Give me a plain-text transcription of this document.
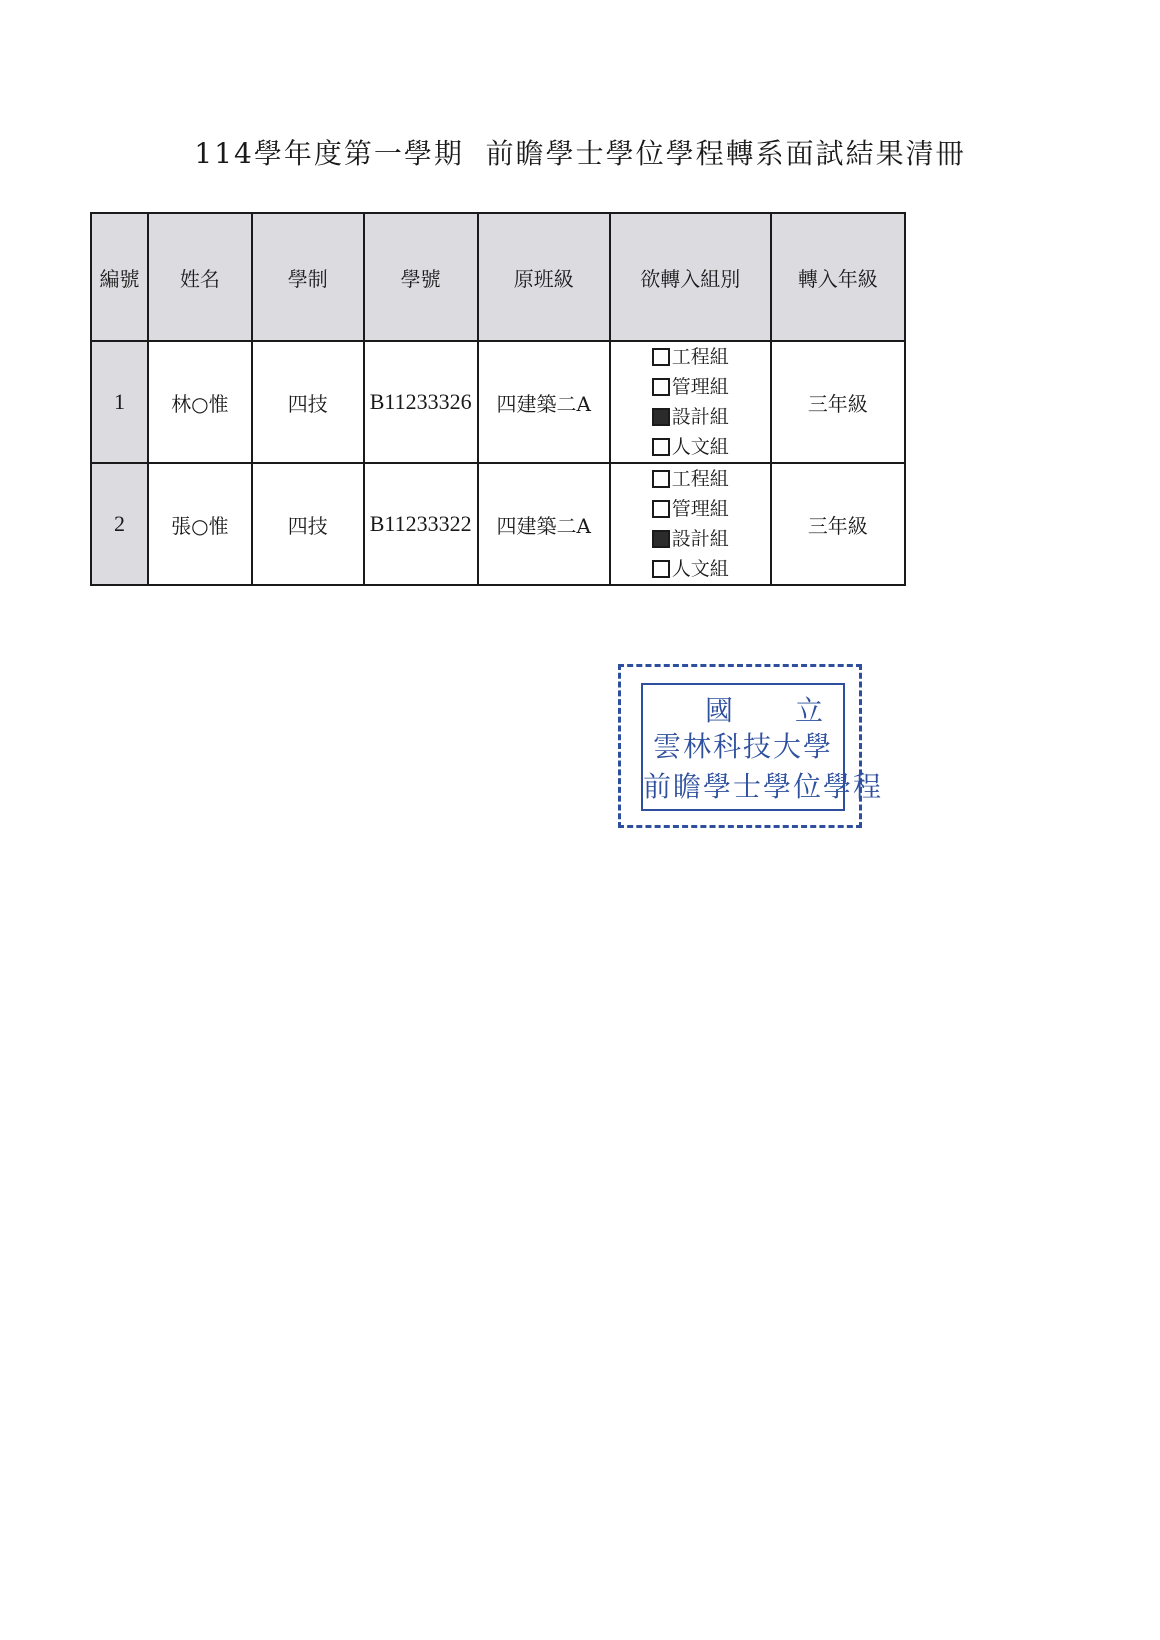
114學年度第一學期  前瞻學士學位學程轉系面試結果清冊
編號	姓名	學制	學號	原班級	欲轉入組別	轉入年級
1	林○惟	四技	B11233326	四建築二A	工程組
管理組
設計組
人文組	三年級
2	張○惟	四技	B11233322	四建築二A	工程組
管理組
設計組
人文組	三年級
國立
雲林科技大學
前瞻學士學位學程
